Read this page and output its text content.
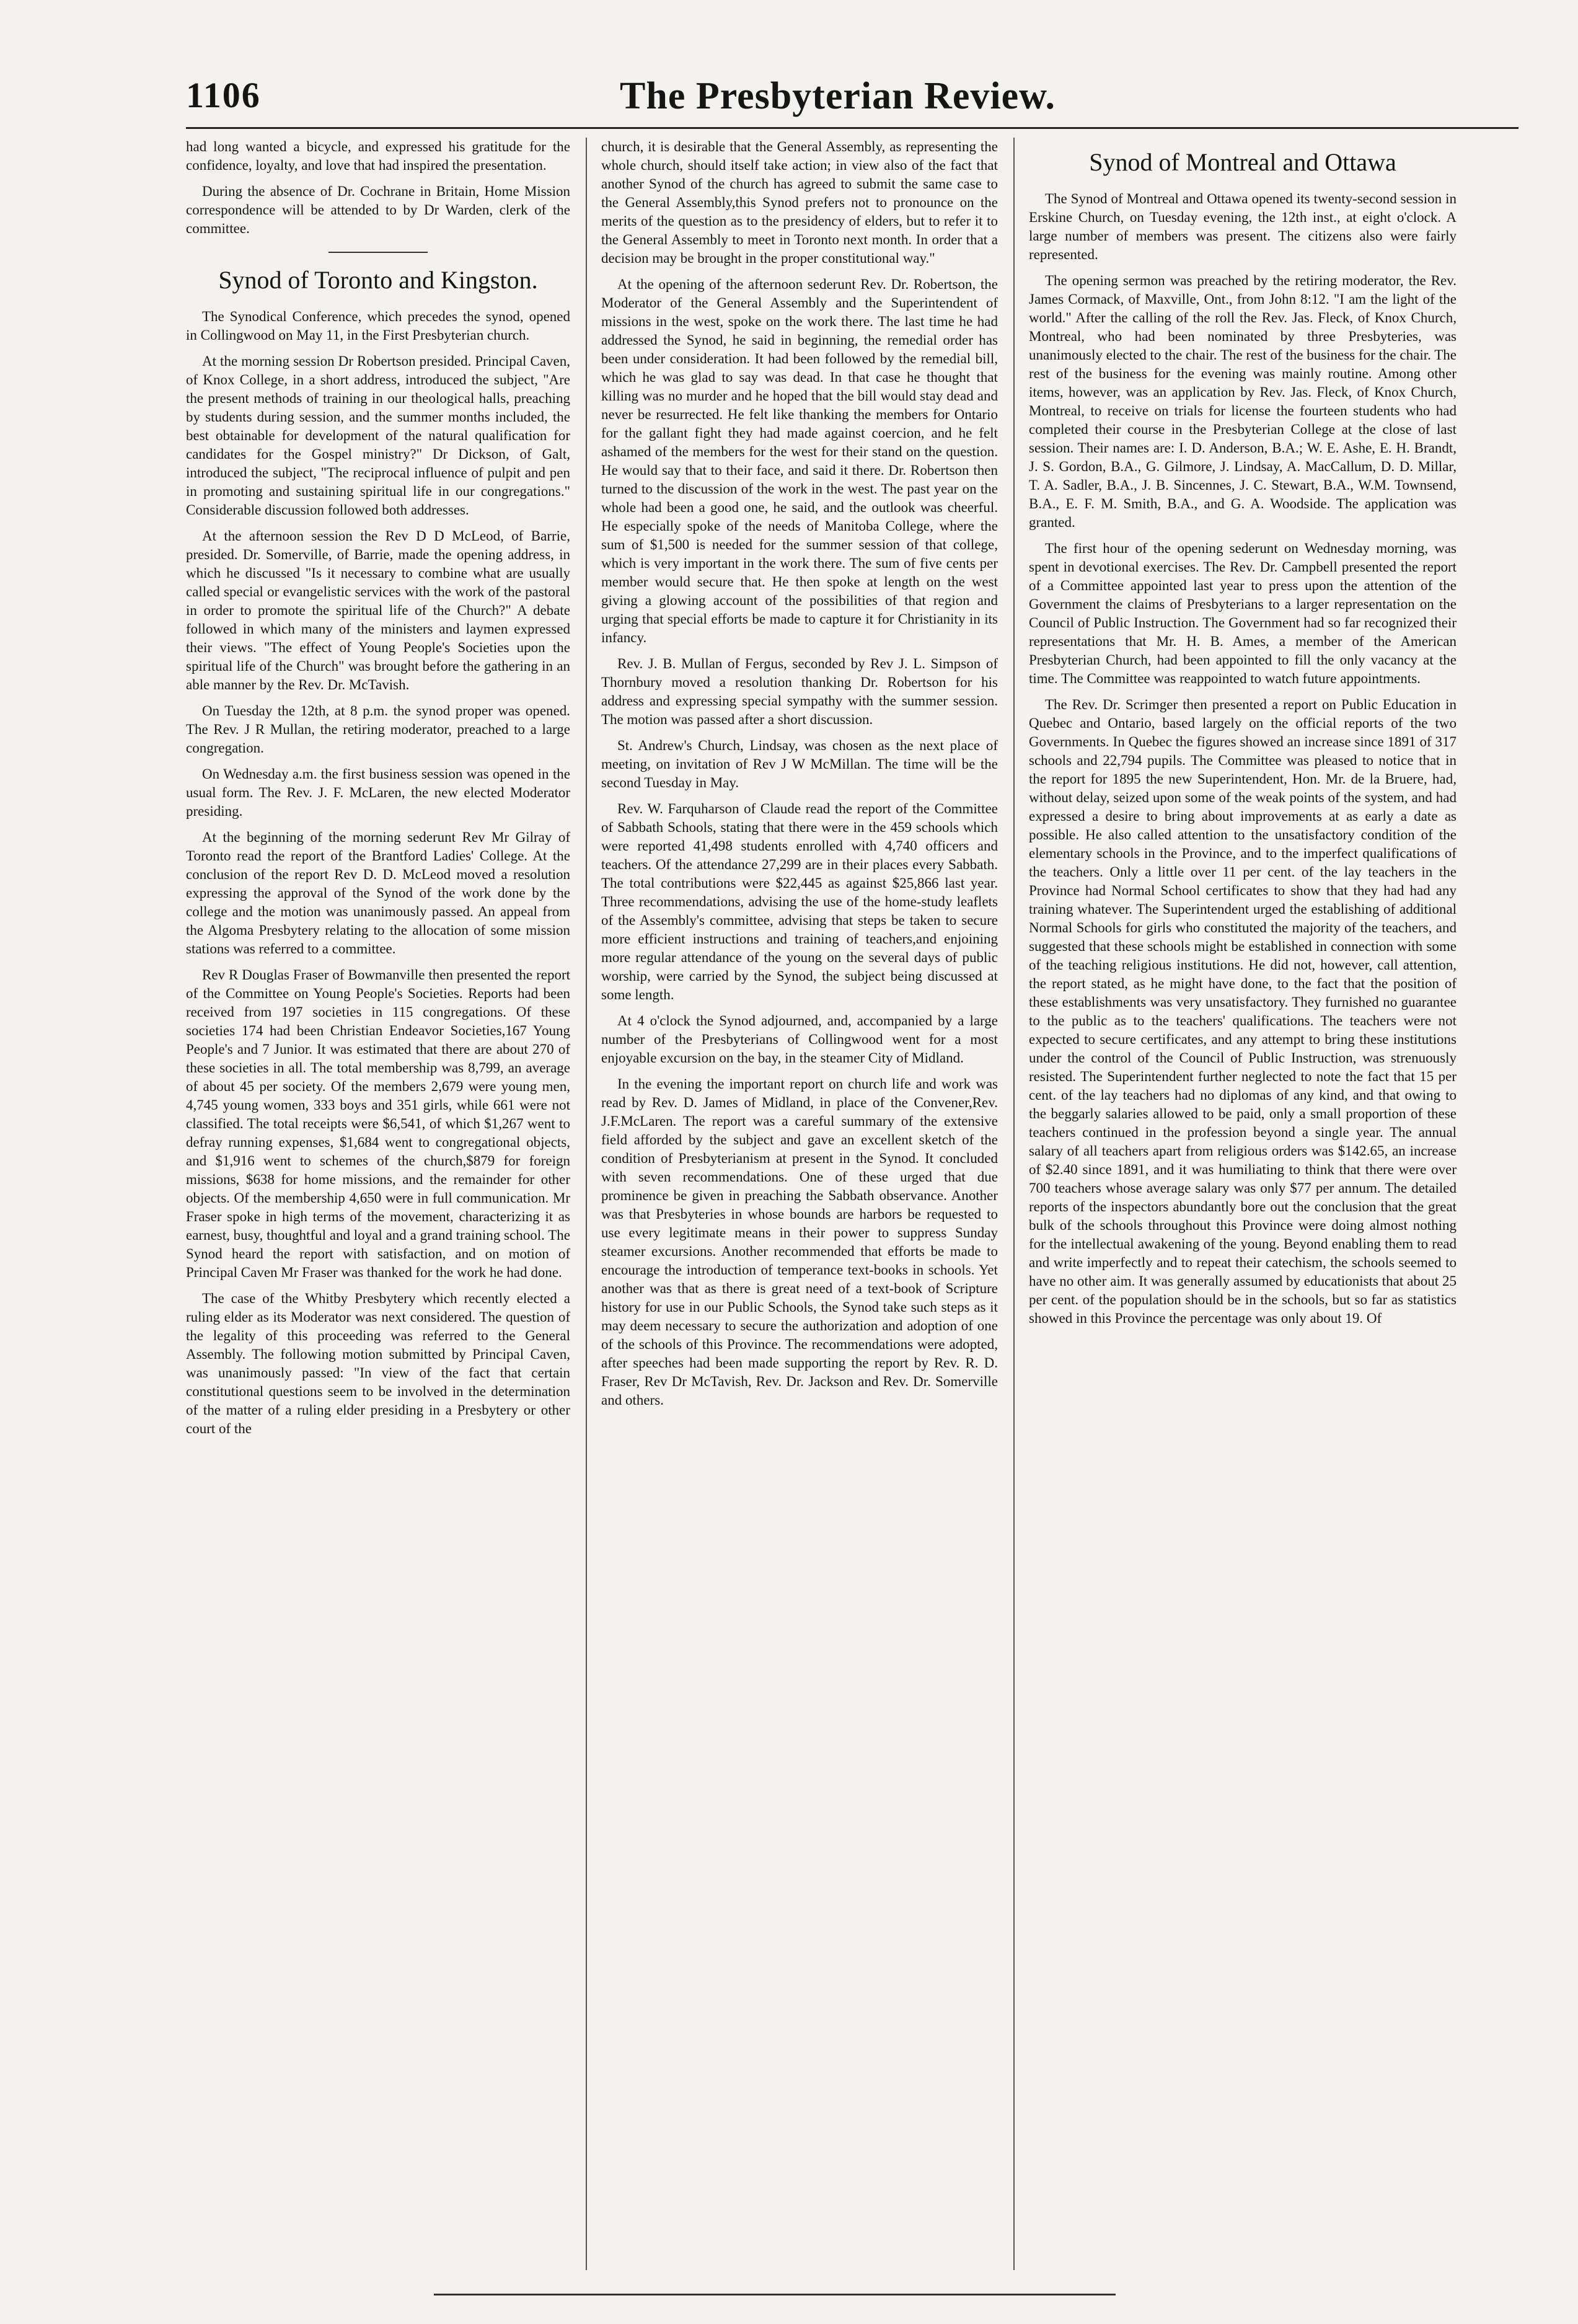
1106	The Presbyterian Review.

had long wanted a bicycle, and expressed his gratitude for the confidence, loyalty, and love that had inspired the presentation.

During the absence of Dr. Cochrane in Britain, Home Mission correspondence will be attended to by Dr Warden, clerk of the committee.

Synod of Toronto and Kingston.

The Synodical Conference, which precedes the synod, opened in Collingwood on May 11, in the First Presbyterian church.

At the morning session Dr Robertson presided. Principal Caven, of Knox College, in a short address, introduced the subject, "Are the present methods of training in our theological halls, preaching by students during session, and the summer months included, the best obtainable for development of the natural qualification for candidates for the Gospel ministry?" Dr Dickson, of Galt, introduced the subject, "The reciprocal influence of pulpit and pen in promoting and sustaining spiritual life in our congregations." Considerable discussion followed both addresses.

At the afternoon session the Rev D D McLeod, of Barrie, presided. Dr. Somerville, of Barrie, made the opening address, in which he discussed "Is it necessary to combine what are usually called special or evangelistic services with the work of the pastoral in order to promote the spiritual life of the Church?" A debate followed in which many of the ministers and laymen expressed their views. "The effect of Young People's Societies upon the spiritual life of the Church" was brought before the gathering in an able manner by the Rev. Dr. McTavish.

On Tuesday the 12th, at 8 p.m. the synod proper was opened. The Rev. J R Mullan, the retiring moderator, preached to a large congregation.

On Wednesday a.m. the first business session was opened in the usual form. The Rev. J. F. McLaren, the new elected Moderator presiding.

At the beginning of the morning sederunt Rev Mr Gilray of Toronto read the report of the Brantford Ladies' College. At the conclusion of the report Rev D. D. McLeod moved a resolution expressing the approval of the Synod of the work done by the college and the motion was unanimously passed. An appeal from the Algoma Presbytery relating to the allocation of some mission stations was referred to a committee.

Rev R Douglas Fraser of Bowmanville then presented the report of the Committee on Young People's Societies. Reports had been received from 197 societies in 115 congregations. Of these societies 174 had been Christian Endeavor Societies,167 Young People's and 7 Junior. It was estimated that there are about 270 of these societies in all. The total membership was 8,799, an average of about 45 per society. Of the members 2,679 were young men, 4,745 young women, 333 boys and 351 girls, while 661 were not classified. The total receipts were $6,541, of which $1,267 went to defray running expenses, $1,684 went to congregational objects, and $1,916 went to schemes of the church,$879 for foreign missions, $638 for home missions, and the remainder for other objects. Of the membership 4,650 were in full communication. Mr Fraser spoke in high terms of the movement, characterizing it as earnest, busy, thoughtful and loyal and a grand training school. The Synod heard the report with satisfaction, and on motion of Principal Caven Mr Fraser was thanked for the work he had done.

The case of the Whitby Presbytery which recently elected a ruling elder as its Moderator was next considered. The question of the legality of this proceeding was referred to the General Assembly. The following motion submitted by Principal Caven, was unanimously passed: "In view of the fact that certain constitutional questions seem to be involved in the determination of the matter of a ruling elder presiding in a Presbytery or other court of the

church, it is desirable that the General Assembly, as representing the whole church, should itself take action; in view also of the fact that another Synod of the church has agreed to submit the same case to the General Assembly,this Synod prefers not to pronounce on the merits of the question as to the presidency of elders, but to refer it to the General Assembly to meet in Toronto next month. In order that a decision may be brought in the proper constitutional way."

At the opening of the afternoon sederunt Rev. Dr. Robertson, the Moderator of the General Assembly and the Superintendent of missions in the west, spoke on the work there. The last time he had addressed the Synod, he said in beginning, the remedial order has been under consideration. It had been followed by the remedial bill, which he was glad to say was dead. In that case he thought that killing was no murder and he hoped that the bill would stay dead and never be resurrected. He felt like thanking the members for Ontario for the gallant fight they had made against coercion, and he felt ashamed of the members for the west for their stand on the question. He would say that to their face, and said it there. Dr. Robertson then turned to the discussion of the work in the west. The past year on the whole had been a good one, he said, and the outlook was cheerful. He especially spoke of the needs of Manitoba College, where the sum of $1,500 is needed for the summer session of that college, which is very important in the work there. The sum of five cents per member would secure that. He then spoke at length on the west giving a glowing account of the possibilities of that region and urging that special efforts be made to capture it for Christianity in its infancy.

Rev. J. B. Mullan of Fergus, seconded by Rev J. L. Simpson of Thornbury moved a resolution thanking Dr. Robertson for his address and expressing special sympathy with the summer session. The motion was passed after a short discussion.

St. Andrew's Church, Lindsay, was chosen as the next place of meeting, on invitation of Rev J W McMillan. The time will be the second Tuesday in May.

Rev. W. Farquharson of Claude read the report of the Committee of Sabbath Schools, stating that there were in the 459 schools which were reported 41,498 students enrolled with 4,740 officers and teachers. Of the attendance 27,299 are in their places every Sabbath. The total contributions were $22,445 as against $25,866 last year. Three recommendations, advising the use of the home-study leaflets of the Assembly's committee, advising that steps be taken to secure more efficient instructions and training of teachers,and enjoining more regular attendance of the young on the several days of public worship, were carried by the Synod, the subject being discussed at some length.

At 4 o'clock the Synod adjourned, and, accompanied by a large number of the Presbyterians of Collingwood went for a most enjoyable excursion on the bay, in the steamer City of Midland.

In the evening the important report on church life and work was read by Rev. D. James of Midland, in place of the Convener,Rev. J.F.McLaren. The report was a careful summary of the extensive field afforded by the subject and gave an excellent sketch of the condition of Presbyterianism at present in the Synod. It concluded with seven recommendations. One of these urged that due prominence be given in preaching the Sabbath observance. Another was that Presbyteries in whose bounds are harbors be requested to use every legitimate means in their power to suppress Sunday steamer excursions. Another recommended that efforts be made to encourage the introduction of temperance text-books in schools. Yet another was that as there is great need of a text-book of Scripture history for use in our Public Schools, the Synod take such steps as it may deem necessary to secure the authorization and adoption of one of the schools of this Province. The recommendations were adopted, after speeches had been made supporting the report by Rev. R. D. Fraser, Rev Dr McTavish, Rev. Dr. Jackson and Rev. Dr. Somerville and others.

Synod of Montreal and Ottawa

The Synod of Montreal and Ottawa opened its twenty-second session in Erskine Church, on Tuesday evening, the 12th inst., at eight o'clock. A large number of members was present. The citizens also were fairly represented.

The opening sermon was preached by the retiring moderator, the Rev. James Cormack, of Maxville, Ont., from John 8:12. "I am the light of the world." After the calling of the roll the Rev. Jas. Fleck, of Knox Church, Montreal, who had been nominated by three Presbyteries, was unanimously elected to the chair. The rest of the business for the chair. The rest of the business for the evening was mainly routine. Among other items, however, was an application by Rev. Jas. Fleck, of Knox Church, Montreal, to receive on trials for license the fourteen students who had completed their course in the Presbyterian College at the close of last session. Their names are: I. D. Anderson, B.A.; W. E. Ashe, E. H. Brandt, J. S. Gordon, B.A., G. Gilmore, J. Lindsay, A. MacCallum, D. D. Millar, T. A. Sadler, B.A., J. B. Sincennes, J. C. Stewart, B.A., W.M. Townsend, B.A., E. F. M. Smith, B.A., and G. A. Woodside. The application was granted.

The first hour of the opening sederunt on Wednesday morning, was spent in devotional exercises. The Rev. Dr. Campbell presented the report of a Committee appointed last year to press upon the attention of the Government the claims of Presbyterians to a larger representation on the Council of Public Instruction. The Government had so far recognized their representations that Mr. H. B. Ames, a member of the American Presbyterian Church, had been appointed to fill the only vacancy at the time. The Committee was reappointed to watch future appointments.

The Rev. Dr. Scrimger then presented a report on Public Education in Quebec and Ontario, based largely on the official reports of the two Governments. In Quebec the figures showed an increase since 1891 of 317 schools and 22,794 pupils. The Committee was pleased to notice that in the report for 1895 the new Superintendent, Hon. Mr. de la Bruere, had, without delay, seized upon some of the weak points of the system, and had expressed a desire to bring about improvements at as early a date as possible. He also called attention to the unsatisfactory condition of the elementary schools in the Province, and to the imperfect qualifications of the teachers. Only a little over 11 per cent. of the lay teachers in the Province had Normal School certificates to show that they had had any training whatever. The Superintendent urged the establishing of additional Normal Schools for girls who constituted the majority of the teachers, and suggested that these schools might be established in connection with some of the teaching religious institutions. He did not, however, call attention, the report stated, as he might have done, to the fact that the position of these establishments was very unsatisfactory. They furnished no guarantee to the public as to the teachers' qualifications. The teachers were not expected to secure certificates, and any attempt to bring these institutions under the control of the Council of Public Instruction, was strenuously resisted. The Superintendent further neglected to note the fact that 15 per cent. of the lay teachers had no diplomas of any kind, and that owing to the beggarly salaries allowed to be paid, only a small proportion of these teachers continued in the profession beyond a single year. The annual salary of all teachers apart from religious orders was $142.65, an increase of $2.40 since 1891, and it was humiliating to think that there were over 700 teachers whose average salary was only $77 per annum. The detailed reports of the inspectors abundantly bore out the conclusion that the great bulk of the schools throughout this Province were doing almost nothing for the intellectual awakening of the young. Beyond enabling them to read and write imperfectly and to repeat their catechism, the schools seemed to have no other aim. It was generally assumed by educationists that about 25 per cent. of the population should be in the schools, but so far as statistics showed in this Province the percentage was only about 19. Of
